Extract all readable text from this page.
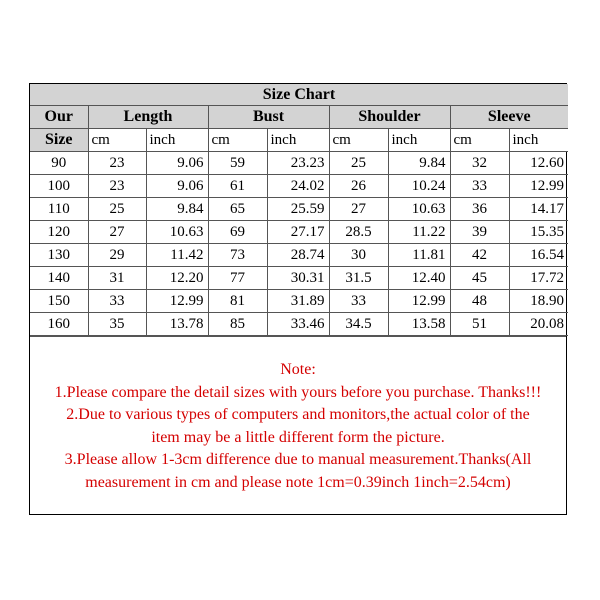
Size Chart								
Our	Length		Bust		Shoulder		Sleeve	
Size	cm	inch	cm	inch	cm	inch	cm	inch
90	23	9.06	59	23.23	25	9.84	32	12.60
100	23	9.06	61	24.02	26	10.24	33	12.99
110	25	9.84	65	25.59	27	10.63	36	14.17
120	27	10.63	69	27.17	28.5	11.22	39	15.35
130	29	11.42	73	28.74	30	11.81	42	16.54
140	31	12.20	77	30.31	31.5	12.40	45	17.72
150	33	12.99	81	31.89	33	12.99	48	18.90
160	35	13.78	85	33.46	34.5	13.58	51	20.08
Note:
1.Please compare the detail sizes with yours before you purchase. Thanks!!!
2.Due to various types of computers and monitors,the actual color of the
item may be a little different form the picture.
3.Please allow 1-3cm difference due to manual measurement.Thanks(All
measurement in cm and please note 1cm=0.39inch 1inch=2.54cm)
